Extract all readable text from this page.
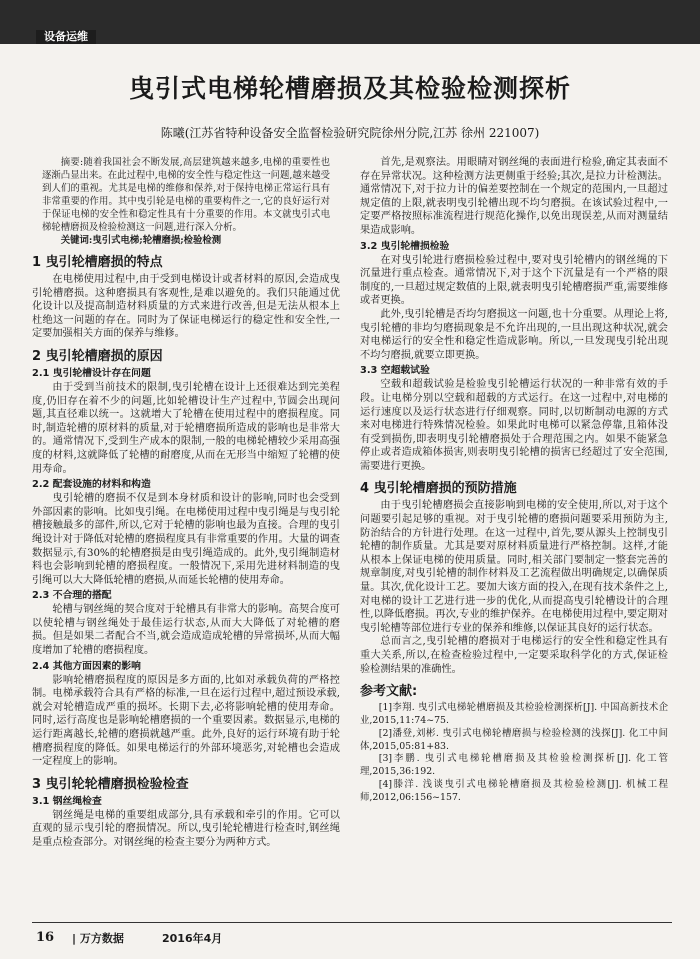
设备运维
曳引式电梯轮槽磨损及其检验检测探析
陈曦(江苏省特种设备安全监督检验研究院徐州分院,江苏 徐州 221007)

摘要:随着我国社会不断发展,高层建筑越来越多,电梯的重要性也逐渐凸显出来。在此过程中,电梯的安全性与稳定性这一问题,越来越受到人们的重视。尤其是电梯的维修和保养,对于保持电梯正常运行具有非常重要的作用。其中曳引轮是电梯的重要构件之一,它的良好运行对于保证电梯的安全性和稳定性具有十分重要的作用。本文就曳引式电梯轮槽磨损及检验检测这一问题,进行深入分析。

关键词:曳引式电梯;轮槽磨损;检验检测

1 曳引轮槽磨损的特点

在电梯使用过程中,由于受到电梯设计或者材料的原因,会造成曳引轮槽磨损。这种磨损具有客观性,是难以避免的。我们只能通过优化设计以及提高制造材料质量的方式来进行改善,但是无法从根本上杜绝这一问题的存在。同时为了保证电梯运行的稳定性和安全性,一定要加强相关方面的保养与维修。

2 曳引轮槽磨损的原因
2.1 曳引轮槽设计存在问题

由于受到当前技术的限制,曳引轮槽在设计上还很难达到完美程度,仍旧存在着不少的问题,比如轮槽设计生产过程中,节圆会出现问题,其直径难以统一。这就增大了轮槽在使用过程中的磨损程度。同时,制造轮槽的原材料的质量,对于轮槽磨损所造成的影响也是非常大的。通常情况下,受到生产成本的限制,一般的电梯轮槽较少采用高强度的材料,这就降低了轮槽的耐磨度,从而在无形当中缩短了轮槽的使用寿命。

2.2 配套设施的材料和构造

曳引轮槽的磨损不仅是到本身材质和设计的影响,同时也会受到外部因素的影响。比如曳引绳。在电梯使用过程中曳引绳是与曳引轮槽接触最多的部件,所以,它对于轮槽的影响也最为直接。合理的曳引绳设计对于降低对轮槽的磨损程度具有非常重要的作用。大量的调查数据显示,有30%的轮槽磨损是由曳引绳造成的。此外,曳引绳制造材料也会影响到轮槽的磨损程度。一般情况下,采用先进材料制造的曳引绳可以大大降低轮槽的磨损,从而延长轮槽的使用寿命。

2.3 不合理的搭配

轮槽与钢丝绳的契合度对于轮槽具有非常大的影响。高契合度可以使轮槽与钢丝绳处于最佳运行状态,从而大大降低了对轮槽的磨损。但是如果二者配合不当,就会造成造成轮槽的异常损坏,从而大幅度增加了轮槽的磨损程度。

2.4 其他方面因素的影响

影响轮槽磨损程度的原因是多方面的,比如对承载负荷的严格控制。电梯承载符合具有严格的标准,一旦在运行过程中,超过预设承载,就会对轮槽造成严重的损坏。长期下去,必将影响轮槽的使用寿命。同时,运行高度也是影响轮槽磨损的一个重要因素。数据显示,电梯的运行距离越长,轮槽的磨损就越严重。此外,良好的运行环境有助于轮槽磨损程度的降低。如果电梯运行的外部环境恶劣,对轮槽也会造成一定程度上的影响。

3 曳引轮轮槽磨损检验检查
3.1 钢丝绳检查

钢丝绳是电梯的重要组成部分,具有承载和牵引的作用。它可以直观的显示曳引轮的磨损情况。所以,曳引轮轮槽进行检查时,钢丝绳是重点检查部分。对钢丝绳的检查主要分为两种方式。

首先,是观察法。用眼睛对钢丝绳的表面进行检验,确定其表面不存在异常状况。这种检测方法更侧重于经验;其次,是拉力计检测法。通常情况下,对于拉力计的偏差要控制在一个规定的范围内,一旦超过规定值的上限,就表明曳引轮槽出现不均匀磨损。在该试验过程中,一定要严格按照标准流程进行规范化操作,以免出现误差,从而对测量结果造成影响。

3.2 曳引轮槽损检验

在对曳引轮进行磨损检验过程中,要对曳引轮槽内的钢丝绳的下沉量进行重点检查。通常情况下,对于这个下沉量是有一个严格的限制度的,一旦超过规定数值的上限,就表明曳引轮槽磨损严重,需要维修或者更换。

此外,曳引轮槽是否均匀磨损这一问题,也十分重要。从理论上将,曳引轮槽的非均匀磨损现象是不允许出现的,一旦出现这种状况,就会对电梯运行的安全性和稳定性造成影响。所以,一旦发现曳引轮出现不均匀磨损,就要立即更换。

3.3 空超载试验

空载和超载试验是检验曳引轮槽运行状况的一种非常有效的手段。让电梯分别以空载和超载的方式运行。在这一过程中,对电梯的运行速度以及运行状态进行仔细观察。同时,以切断制动电源的方式来对电梯进行特殊情况检验。如果此时电梯可以紧急停靠,且箱体没有受到损伤,即表明曳引轮槽磨损处于合理范围之内。如果不能紧急停止或者造成箱体损害,则表明曳引轮槽的损害已经超过了安全范围,需要进行更换。

4 曳引轮槽磨损的预防措施

由于曳引轮槽磨损会直接影响到电梯的安全使用,所以,对于这个问题要引起足够的重视。对于曳引轮槽的磨损问题要采用预防为主,防治结合的方针进行处理。在这一过程中,首先,要从源头上控制曳引轮槽的制作质量。尤其是要对原材料质量进行严格控制。这样,才能从根本上保证电梯的使用质量。同时,相关部门要制定一整套完善的规章制度,对曳引轮槽的制作材料及工艺流程做出明确规定,以确保质量。其次,优化设计工艺。要加大该方面的投入,在现有技术条件之上,对电梯的设计工艺进行进一步的优化,从而提高曳引轮槽设计的合理性,以降低磨损。再次,专业的维护保养。在电梯使用过程中,要定期对曳引轮槽等部位进行专业的保养和维修,以保证其良好的运行状态。

总而言之,曳引轮槽的磨损对于电梯运行的安全性和稳定性具有重大关系,所以,在检查检验过程中,一定要采取科学化的方式,保证检验检测结果的准确性。

参考文献:

[1]李翔. 曳引式电梯轮槽磨损及其检验检测探析[J]. 中国高新技术企业,2015,11:74~75.

[2]潘登,刘彬. 曳引式电梯轮槽磨损与检验检测的浅探[J]. 化工中间体,2015,05:81+83.

[3]李鹏. 曳引式电梯轮槽磨损及其检验检测探析[J]. 化工管理,2015,36:192.

[4]滕洋. 浅谈曳引式电梯轮槽磨损及其检验检测[J]. 机械工程师,2012,06:156~157.

16 | 万方数据	2016年4月
